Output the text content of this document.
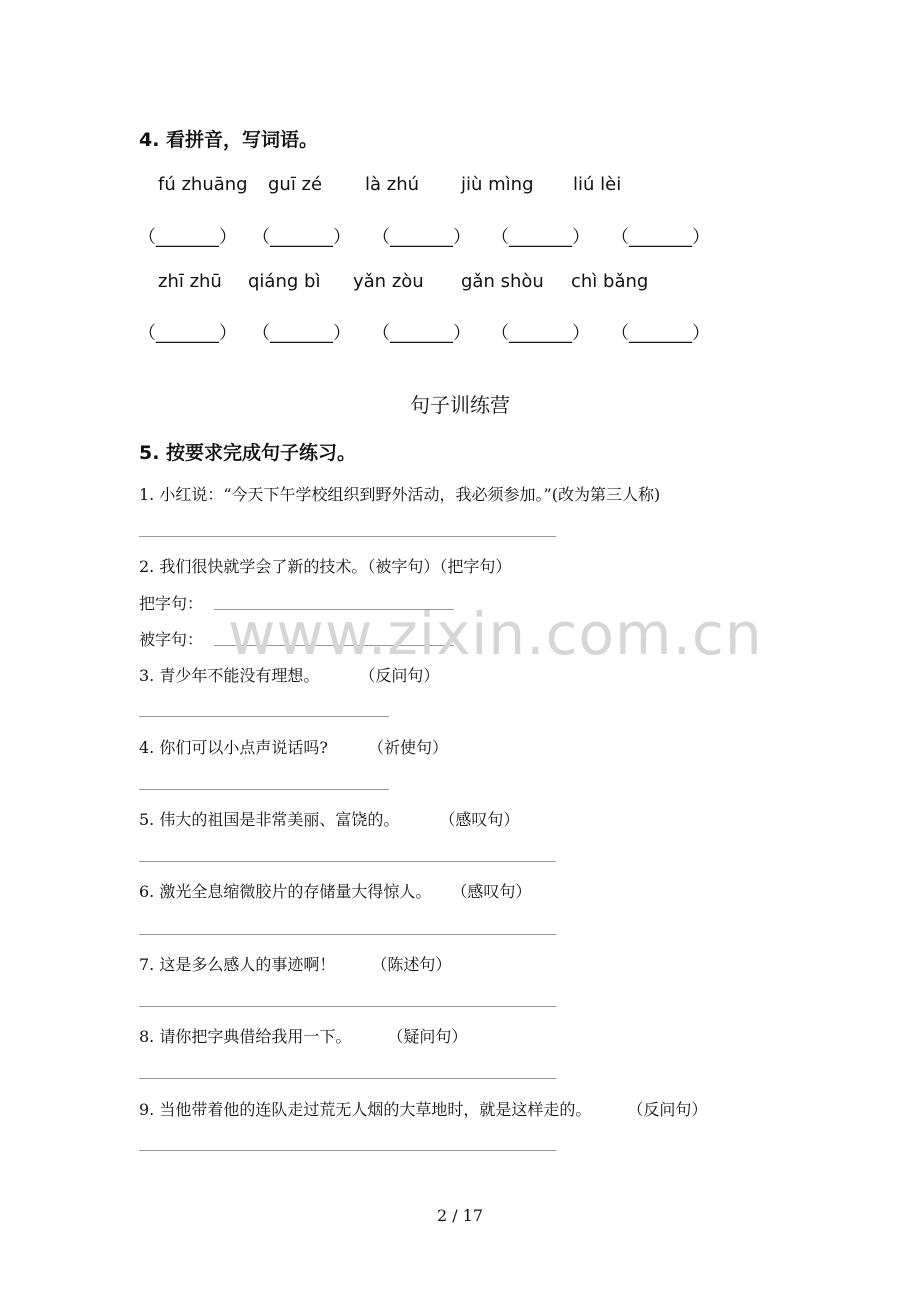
4. 看拼音，写词语。
fú zhuāng guī zé là zhú jiù mìng liú lèi
（_______） （_______） （_______） （_______） （_______）
zhī zhū qiáng bì yǎn zòu gǎn shòu chì bǎng
（_______） （_______） （_______） （_______） （_______）
句子训练营
5. 按要求完成句子练习。
1. 小红说：“今天下午学校组织到野外活动，我必须参加。”(改为第三人称)
2. 我们很快就学会了新的技术。（被字句）（把字句）
把字句：
被字句：
3. 青少年不能没有理想。	（反问句）
4. 你们可以小点声说话吗?	（祈使句）
5. 伟大的祖国是非常美丽、富饶的。	（感叹句）
6. 激光全息缩微胶片的存储量大得惊人。 （感叹句）
7. 这是多么感人的事迹啊！ （陈述句）
8. 请你把字典借给我用一下。 （疑问句）
9. 当他带着他的连队走过荒无人烟的大草地时，就是这样走的。 （反问句）
www.zixin.com.cn
2 / 17
